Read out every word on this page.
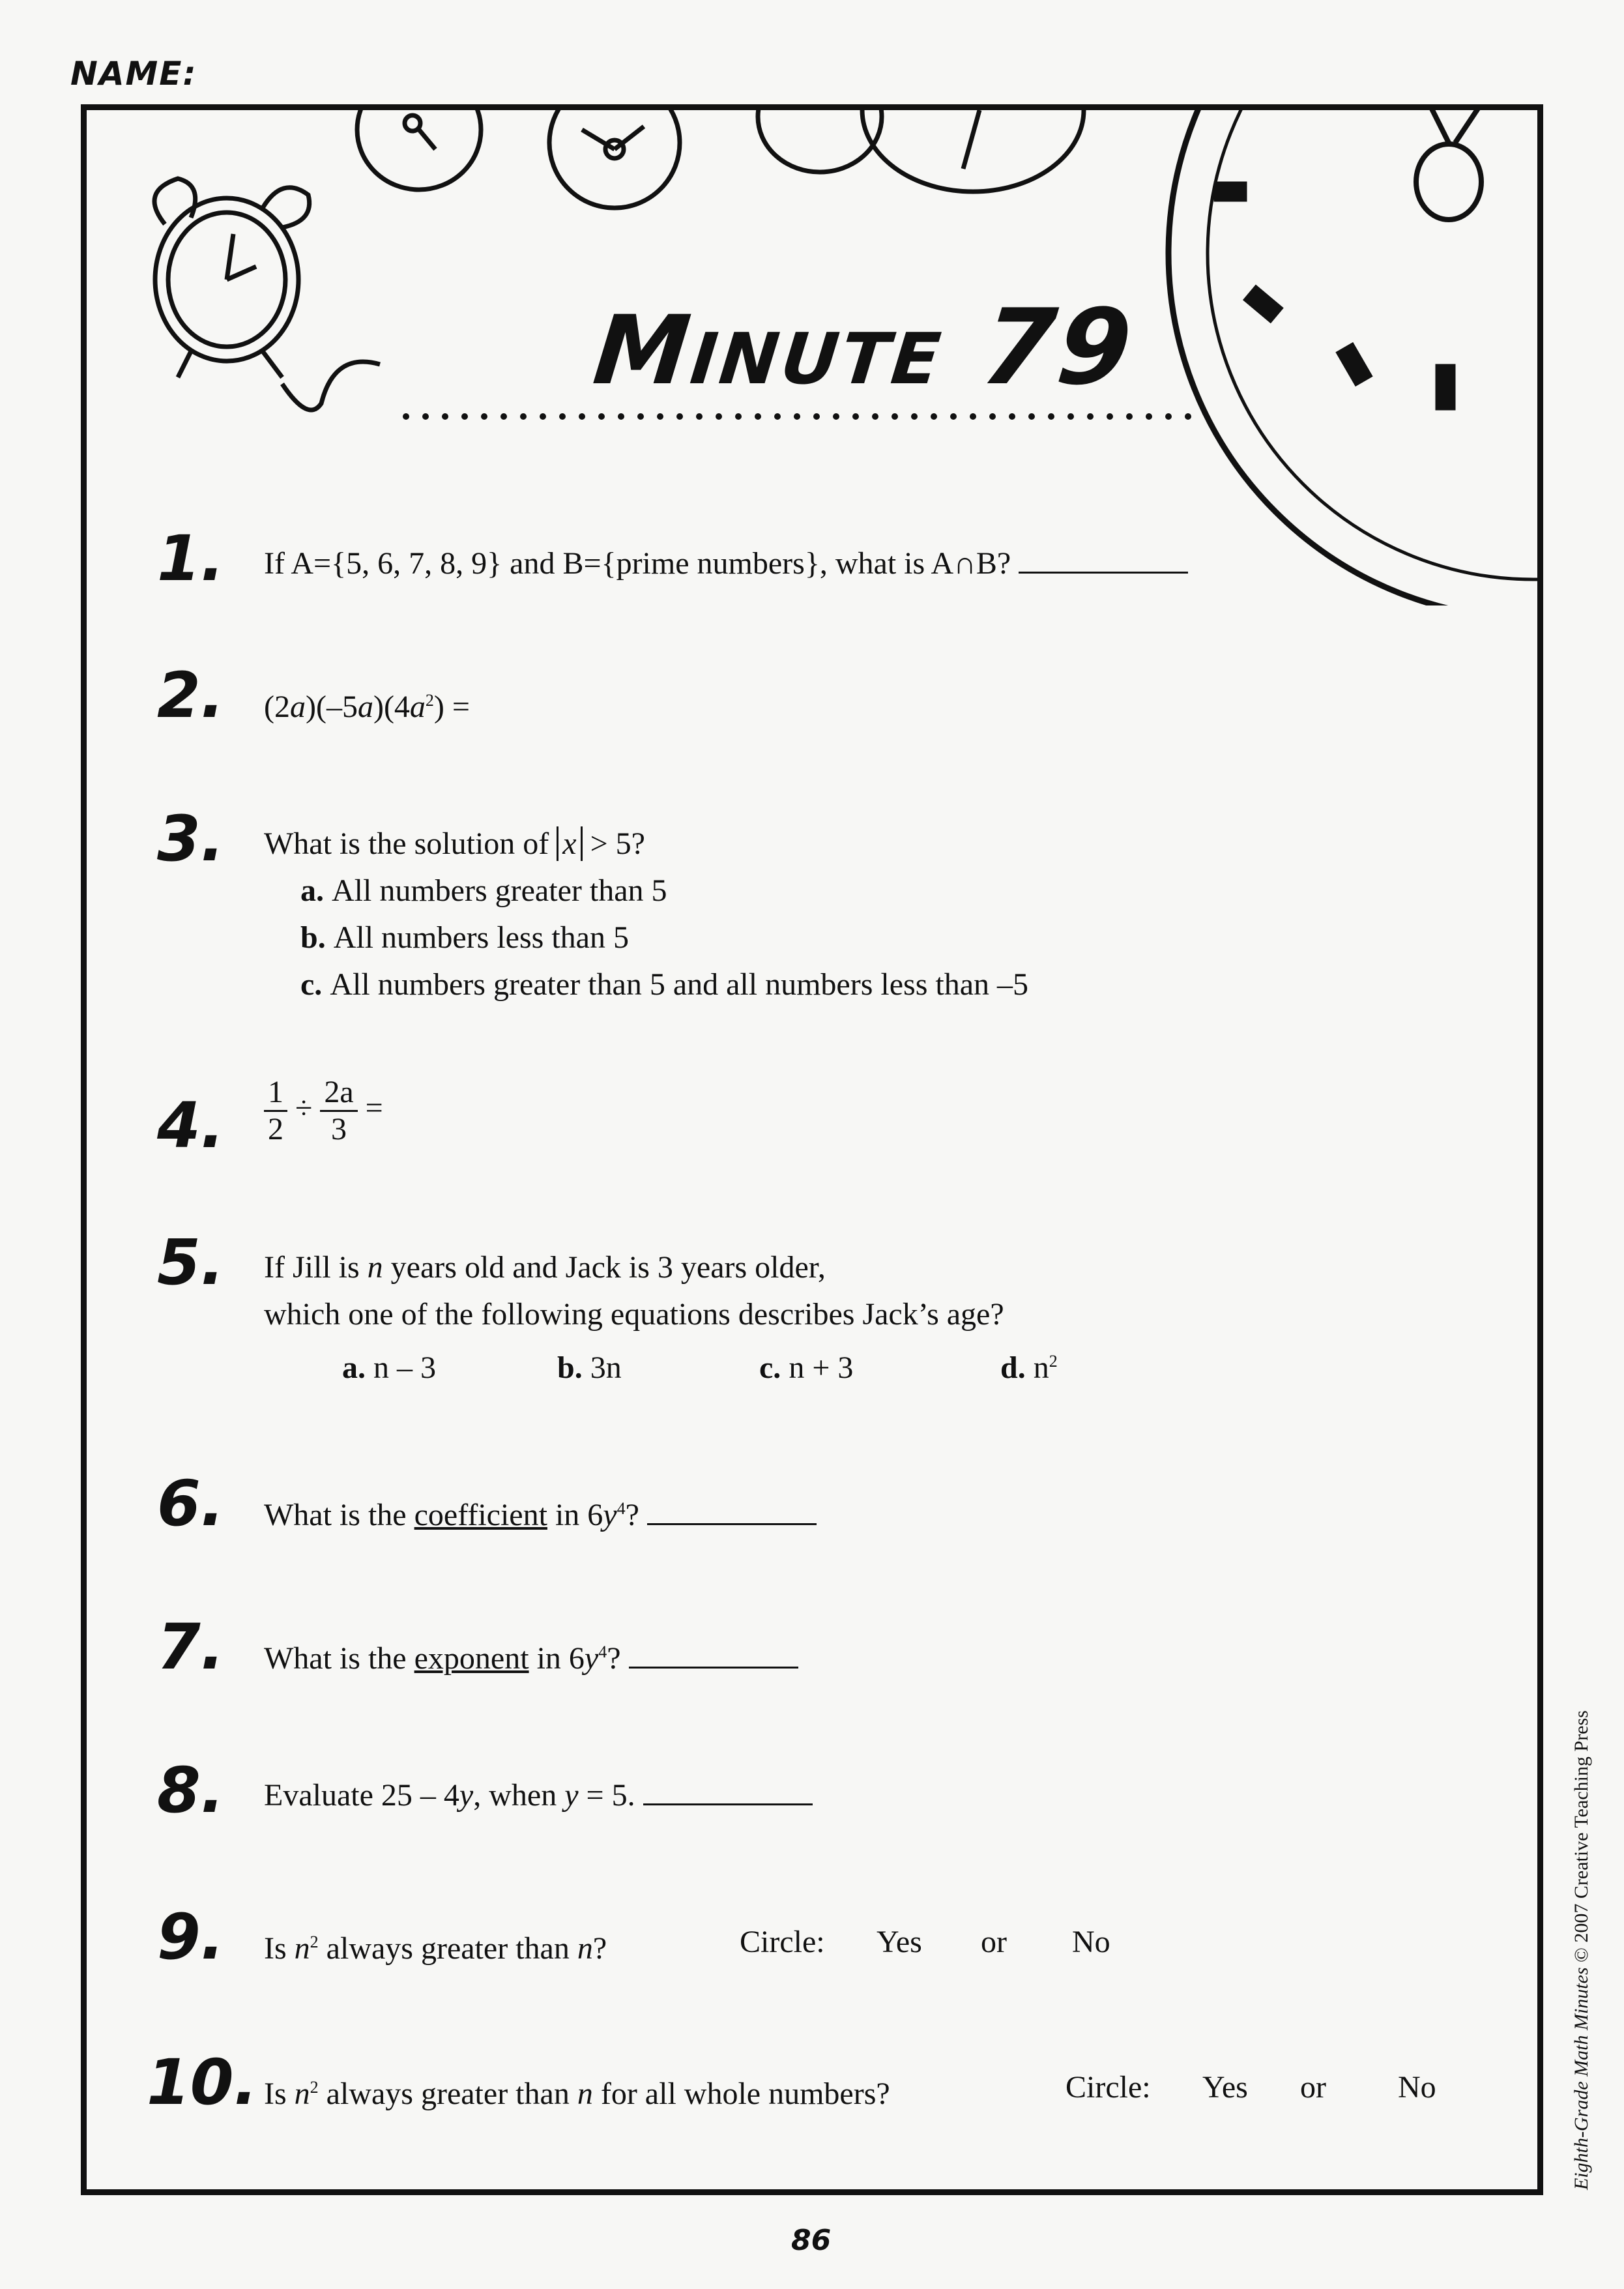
NAME:
MINUTE 79
1.	If A={5, 6, 7, 8, 9} and B={prime numbers}, what is A∩B?
2.	$(2a)(-5a)(4a^2)$ =
3.	What is the solution of x > 5?
a. All numbers greater than 5
b. All numbers less than 5
c. All numbers greater than 5 and all numbers less than –5
4.	$\frac{1}{2} \div \frac{2a}{3}$ =
5.	If Jill is n years old and Jack is 3 years older,
which one of the following equations describes Jack’s age?
a. n – 3	b. 3n	c. n + 3	d. $n^2$
6.	What is the coefficient in $6y^4$?
7.	What is the exponent in $6y^4$?
8.	Evaluate 25 – 4y, when y = 5.
9.	Is $n^2$ always greater than n?	Circle: Yes or No
10. Is $n^2$ always greater than n for all whole numbers?	Circle: Yes or No
86
Eighth-Grade Math Minutes © 2007 Creative Teaching Press
